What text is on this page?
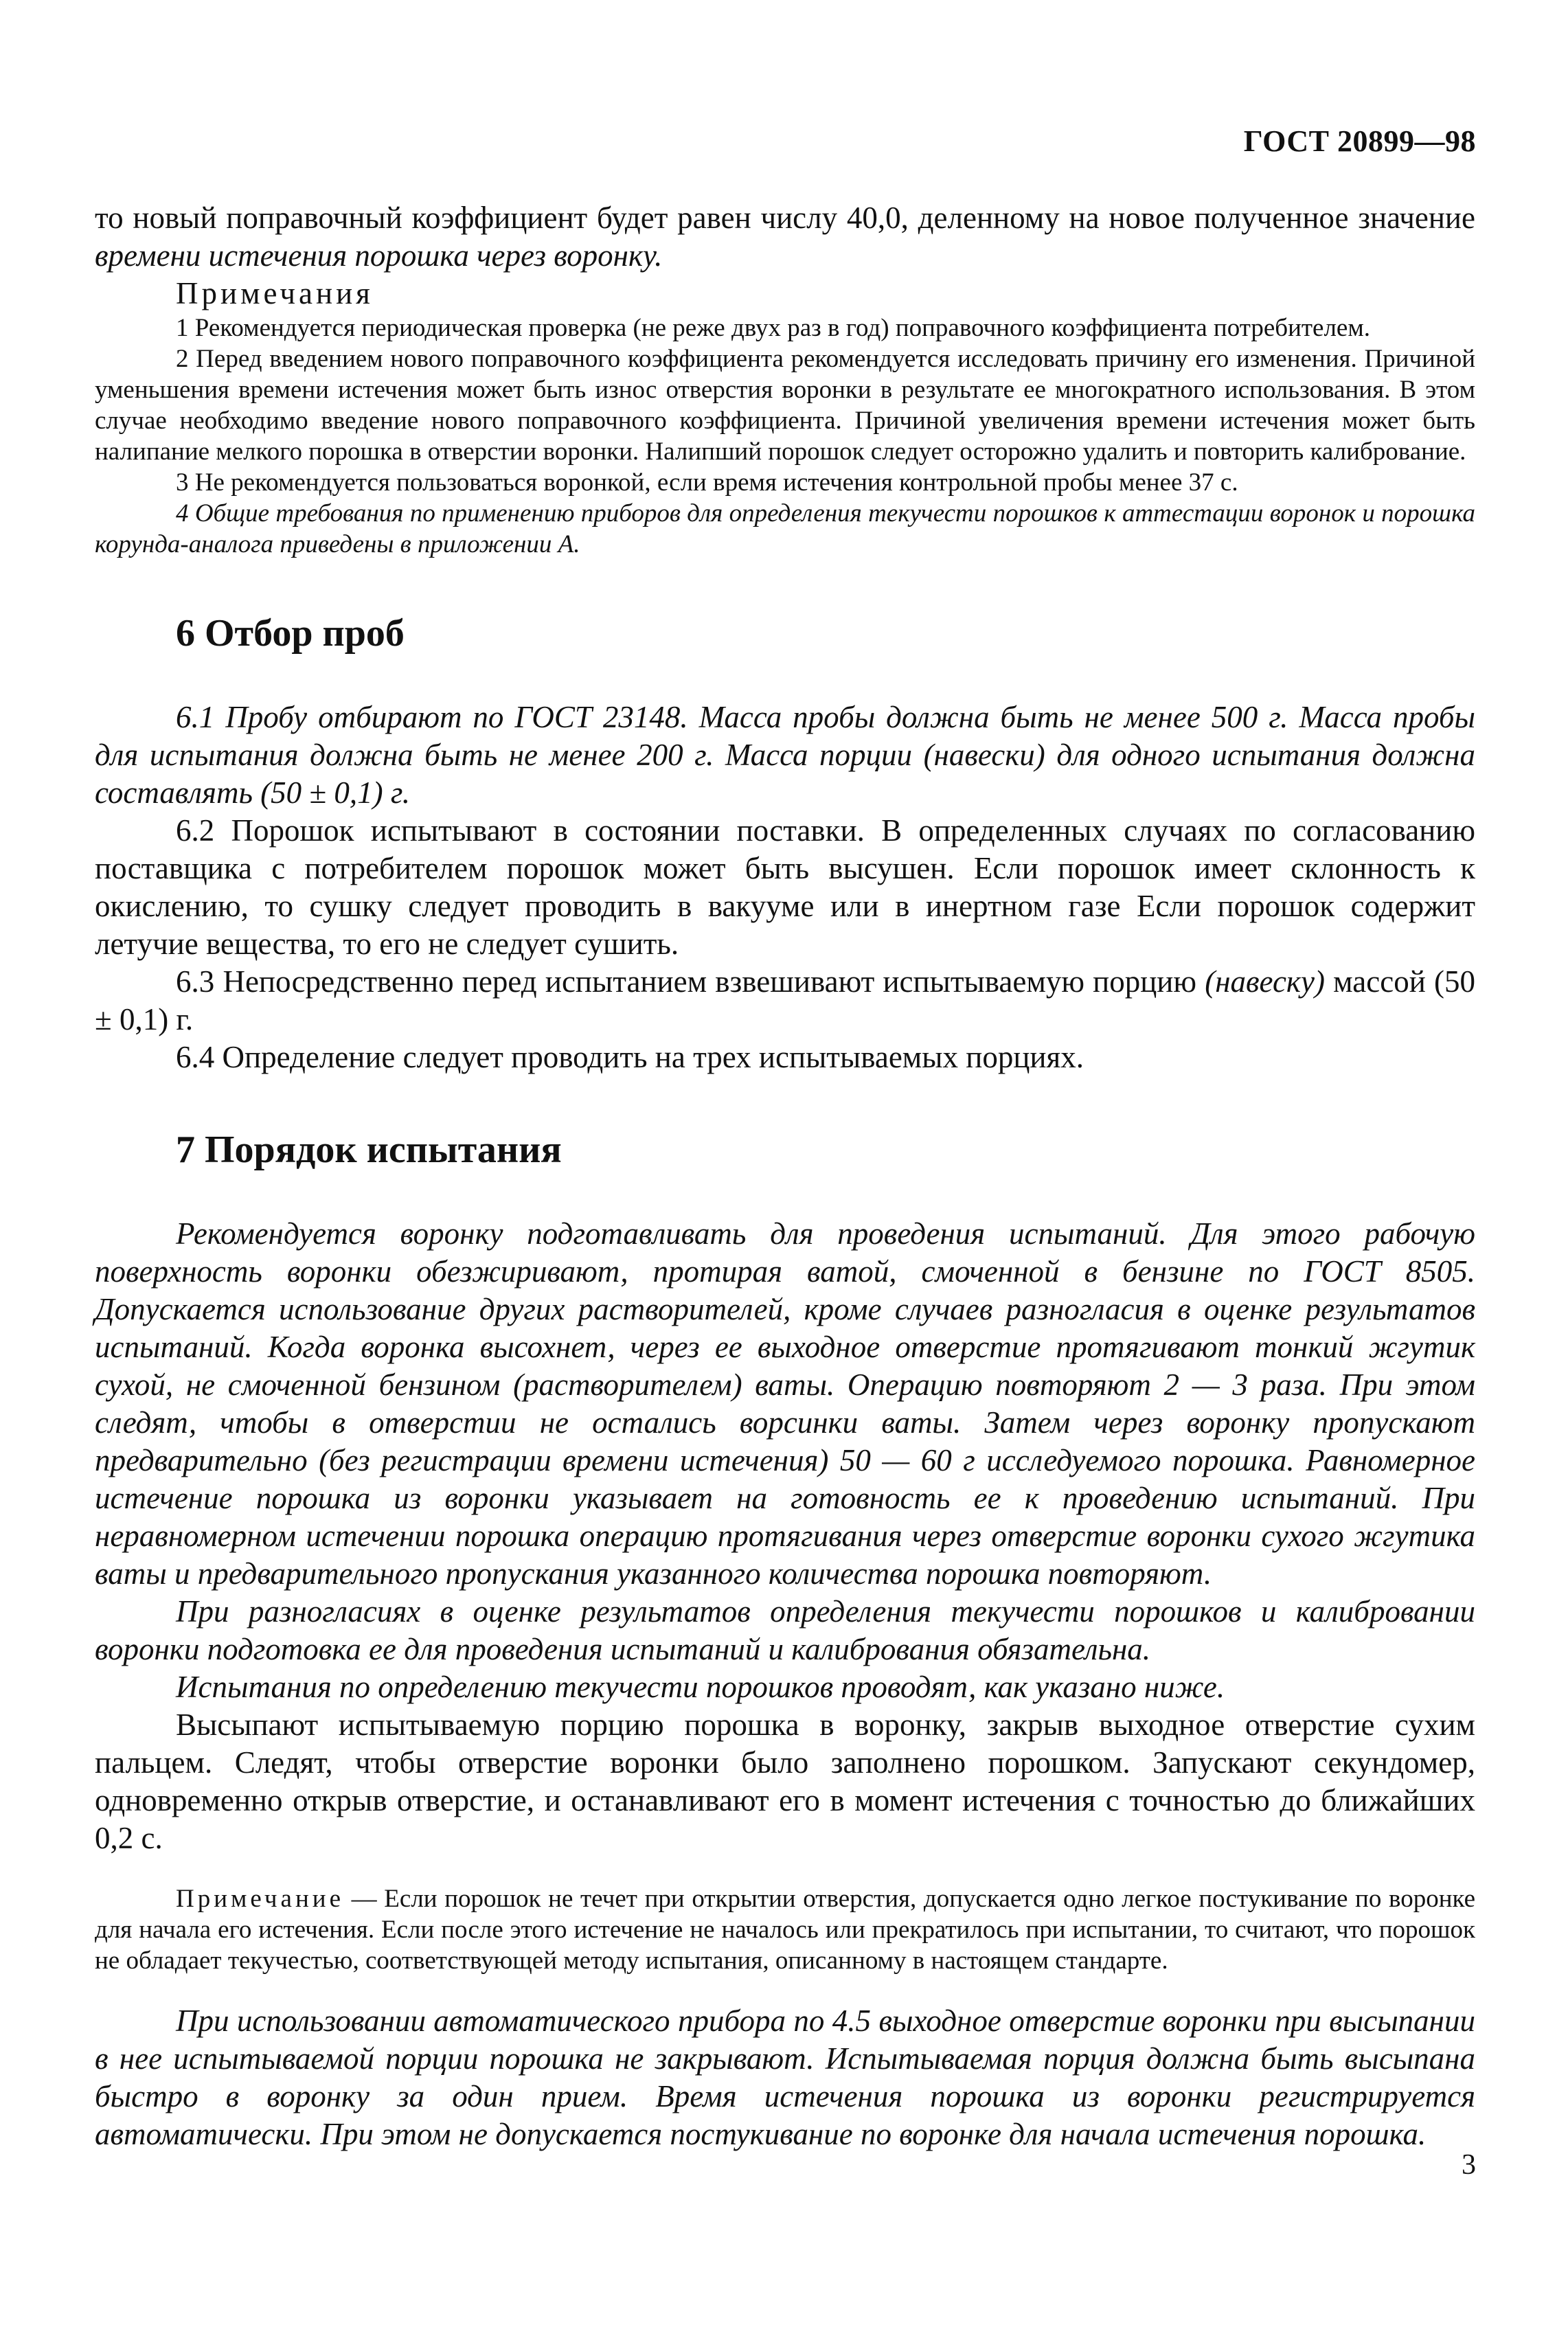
ГОСТ 20899—98

то новый поправочный коэффициент будет равен числу 40,0, деленному на новое полученное значение времени истечения порошка через воронку.

Примечания

1 Рекомендуется периодическая проверка (не реже двух раз в год) поправочного коэффициента потребителем.

2 Перед введением нового поправочного коэффициента рекомендуется исследовать причину его изменения. Причиной уменьшения времени истечения может быть износ отверстия воронки в результате ее многократного использования. В этом случае необходимо введение нового поправочного коэффициента. Причиной увеличения времени истечения может быть налипание мелкого порошка в отверстии воронки. Налипший порошок следует осторожно удалить и повторить калибрование.

3 Не рекомендуется пользоваться воронкой, если время истечения контрольной пробы менее 37 с.

4 Общие требования по применению приборов для определения текучести порошков к аттестации воронок и порошка корунда-аналога приведены в приложении А.

6 Отбор проб

6.1 Пробу отбирают по ГОСТ 23148. Масса пробы должна быть не менее 500 г. Масса пробы для испытания должна быть не менее 200 г. Масса порции (навески) для одного испытания должна составлять (50 ± 0,1) г.

6.2 Порошок испытывают в состоянии поставки. В определенных случаях по согласованию поставщика с потребителем порошок может быть высушен. Если порошок имеет склонность к окислению, то сушку следует проводить в вакууме или в инертном газе Если порошок содержит летучие вещества, то его не следует сушить.

6.3 Непосредственно перед испытанием взвешивают испытываемую порцию (навеску) массой (50 ± 0,1) г.

6.4 Определение следует проводить на трех испытываемых порциях.

7 Порядок испытания

Рекомендуется воронку подготавливать для проведения испытаний. Для этого рабочую поверхность воронки обезжиривают, протирая ватой, смоченной в бензине по ГОСТ 8505. Допускается использование других растворителей, кроме случаев разногласия в оценке результатов испытаний. Когда воронка высохнет, через ее выходное отверстие протягивают тонкий жгутик сухой, не смоченной бензином (растворителем) ваты. Операцию повторяют 2 — 3 раза. При этом следят, чтобы в отверстии не остались ворсинки ваты. Затем через воронку пропускают предварительно (без регистрации времени истечения) 50 — 60 г исследуемого порошка. Равномерное истечение порошка из воронки указывает на готовность ее к проведению испытаний. При неравномерном истечении порошка операцию протягивания через отверстие воронки сухого жгутика ваты и предварительного пропускания указанного количества порошка повторяют.

При разногласиях в оценке результатов определения текучести порошков и калибровании воронки подготовка ее для проведения испытаний и калибрования обязательна.

Испытания по определению текучести порошков проводят, как указано ниже.

Высыпают испытываемую порцию порошка в воронку, закрыв выходное отверстие сухим пальцем. Следят, чтобы отверстие воронки было заполнено порошком. Запускают секундомер, одновременно открыв отверстие, и останавливают его в момент истечения с точностью до ближайших 0,2 с.

Примечание — Если порошок не течет при открытии отверстия, допускается одно легкое постукивание по воронке для начала его истечения. Если после этого истечение не началось или прекратилось при испытании, то считают, что порошок не обладает текучестью, соответствующей методу испытания, описанному в настоящем стандарте.

При использовании автоматического прибора по 4.5 выходное отверстие воронки при высыпании в нее испытываемой порции порошка не закрывают. Испытываемая порция должна быть высыпана быстро в воронку за один прием. Время истечения порошка из воронки регистрируется автоматически. При этом не допускается постукивание по воронке для начала истечения порошка.

3
